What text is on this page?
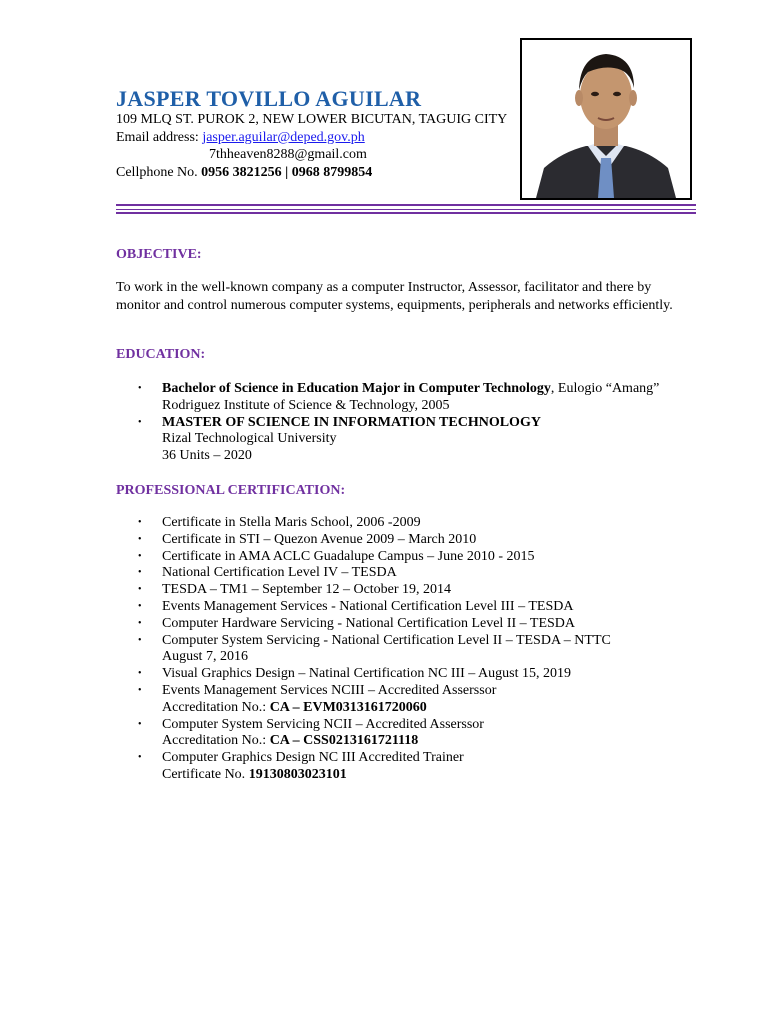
JASPER TOVILLO AGUILAR
109 MLQ ST. PUROK 2, NEW LOWER BICUTAN, TAGUIG CITY
Email address: jasper.aguilar@deped.gov.ph
7thheaven8288@gmail.com
Cellphone No. 0956 3821256 | 0968 8799854
OBJECTIVE:
To work in the well-known company as a computer Instructor, Assessor, facilitator and there by monitor and control numerous computer systems, equipments, peripherals and networks efficiently.
EDUCATION:
• Bachelor of Science in Education Major in Computer Technology, Eulogio “Amang” Rodriguez Institute of Science & Technology, 2005
• MASTER OF SCIENCE IN INFORMATION TECHNOLOGY
Rizal Technological University
36 Units – 2020
PROFESSIONAL CERTIFICATION:
• Certificate in Stella Maris School, 2006 -2009
• Certificate in STI – Quezon Avenue 2009 – March 2010
• Certificate in AMA ACLC Guadalupe Campus – June 2010 - 2015
• National Certification Level IV – TESDA
• TESDA – TM1 – September 12 – October 19, 2014
• Events Management Services - National Certification Level III – TESDA
• Computer Hardware Servicing - National Certification Level II – TESDA
• Computer System Servicing - National Certification Level II – TESDA – NTTC August 7, 2016
• Visual Graphics Design – Natinal Certification NC III – August 15, 2019
• Events Management Services NCIII – Accredited Asserssor
Accreditation No.: CA – EVM0313161720060
• Computer System Servicing NCII – Accredited Asserssor
Accreditation No.: CA – CSS0213161721118
• Computer Graphics Design NC III Accredited Trainer
Certificate No. 19130803023101
